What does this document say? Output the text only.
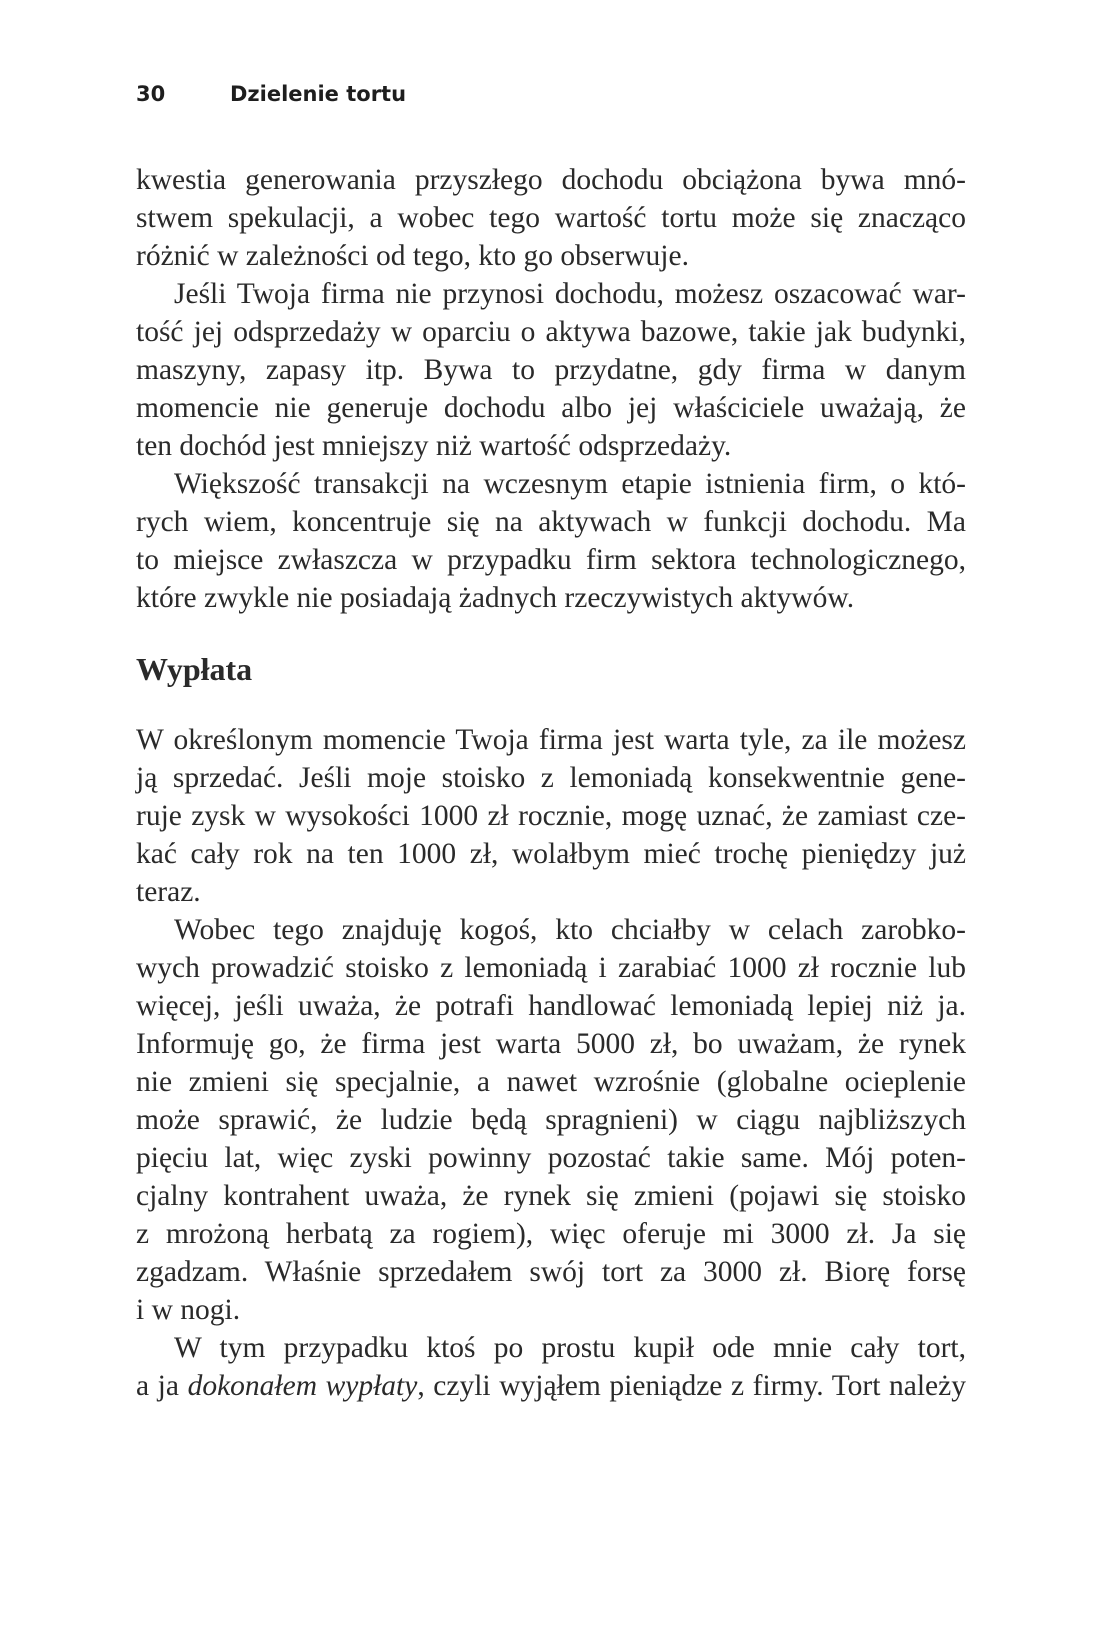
30	Dzielenie tortu
kwestia generowania przyszłego dochodu obciążona bywa mnó-
stwem spekulacji, a wobec tego wartość tortu może się znacząco
różnić w zależności od tego, kto go obserwuje.
Jeśli Twoja firma nie przynosi dochodu, możesz oszacować war-
tość jej odsprzedaży w oparciu o aktywa bazowe, takie jak budynki,
maszyny, zapasy itp. Bywa to przydatne, gdy firma w danym
momencie nie generuje dochodu albo jej właściciele uważają, że
ten dochód jest mniejszy niż wartość odsprzedaży.
Większość transakcji na wczesnym etapie istnienia firm, o któ-
rych wiem, koncentruje się na aktywach w funkcji dochodu. Ma
to miejsce zwłaszcza w przypadku firm sektora technologicznego,
które zwykle nie posiadają żadnych rzeczywistych aktywów.
Wypłata
W określonym momencie Twoja firma jest warta tyle, za ile możesz
ją sprzedać. Jeśli moje stoisko z lemoniadą konsekwentnie gene-
ruje zysk w wysokości 1000 zł rocznie, mogę uznać, że zamiast cze-
kać cały rok na ten 1000 zł, wolałbym mieć trochę pieniędzy już
teraz.
Wobec tego znajduję kogoś, kto chciałby w celach zarobko-
wych prowadzić stoisko z lemoniadą i zarabiać 1000 zł rocznie lub
więcej, jeśli uważa, że potrafi handlować lemoniadą lepiej niż ja.
Informuję go, że firma jest warta 5000 zł, bo uważam, że rynek
nie zmieni się specjalnie, a nawet wzrośnie (globalne ocieplenie
może sprawić, że ludzie będą spragnieni) w ciągu najbliższych
pięciu lat, więc zyski powinny pozostać takie same. Mój poten-
cjalny kontrahent uważa, że rynek się zmieni (pojawi się stoisko
z mrożoną herbatą za rogiem), więc oferuje mi 3000 zł. Ja się
zgadzam. Właśnie sprzedałem swój tort za 3000 zł. Biorę forsę
i w nogi.
W tym przypadku ktoś po prostu kupił ode mnie cały tort,
a ja dokonałem wypłaty, czyli wyjąłem pieniądze z firmy. Tort należy
